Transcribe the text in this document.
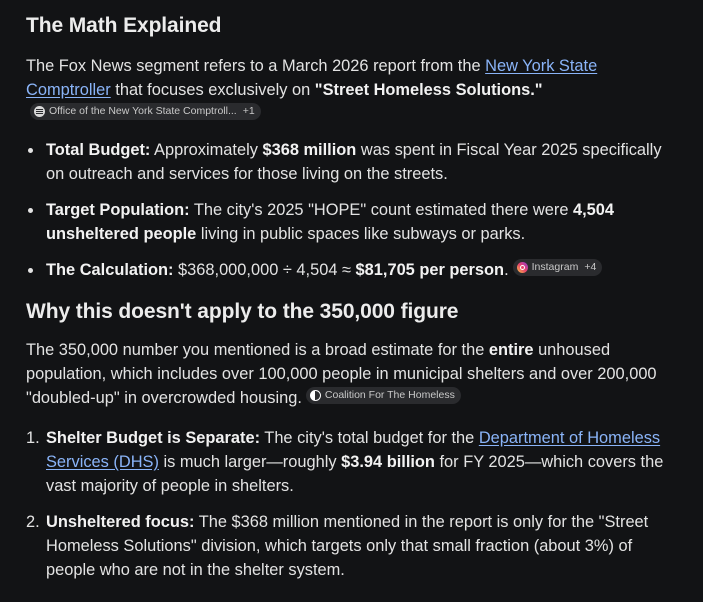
The Math Explained

The Fox News segment refers to a March 2026 report from the New York State Comptroller that focuses exclusively on "Street Homeless Solutions."
Office of the New York State Comptroll... +1

Total Budget: Approximately $368 million was spent in Fiscal Year 2025 specifically on outreach and services for those living on the streets.
Target Population: The city's 2025 "HOPE" count estimated there were 4,504 unsheltered people living in public spaces like subways or parks.
The Calculation: $368,000,000 ÷ 4,504 ≈ $81,705 per person. Instagram +4
Why this doesn't apply to the 350,000 figure

The 350,000 number you mentioned is a broad estimate for the entire unhoused population, which includes over 100,000 people in municipal shelters and over 200,000 "doubled-up" in overcrowded housing. Coalition For The Homeless

1. Shelter Budget is Separate: The city's total budget for the Department of Homeless Services (DHS) is much larger—roughly $3.94 billion for FY 2025—which covers the vast majority of people in shelters.
2. Unsheltered focus: The $368 million mentioned in the report is only for the "Street Homeless Solutions" division, which targets only that small fraction (about 3%) of people who are not in the shelter system.
